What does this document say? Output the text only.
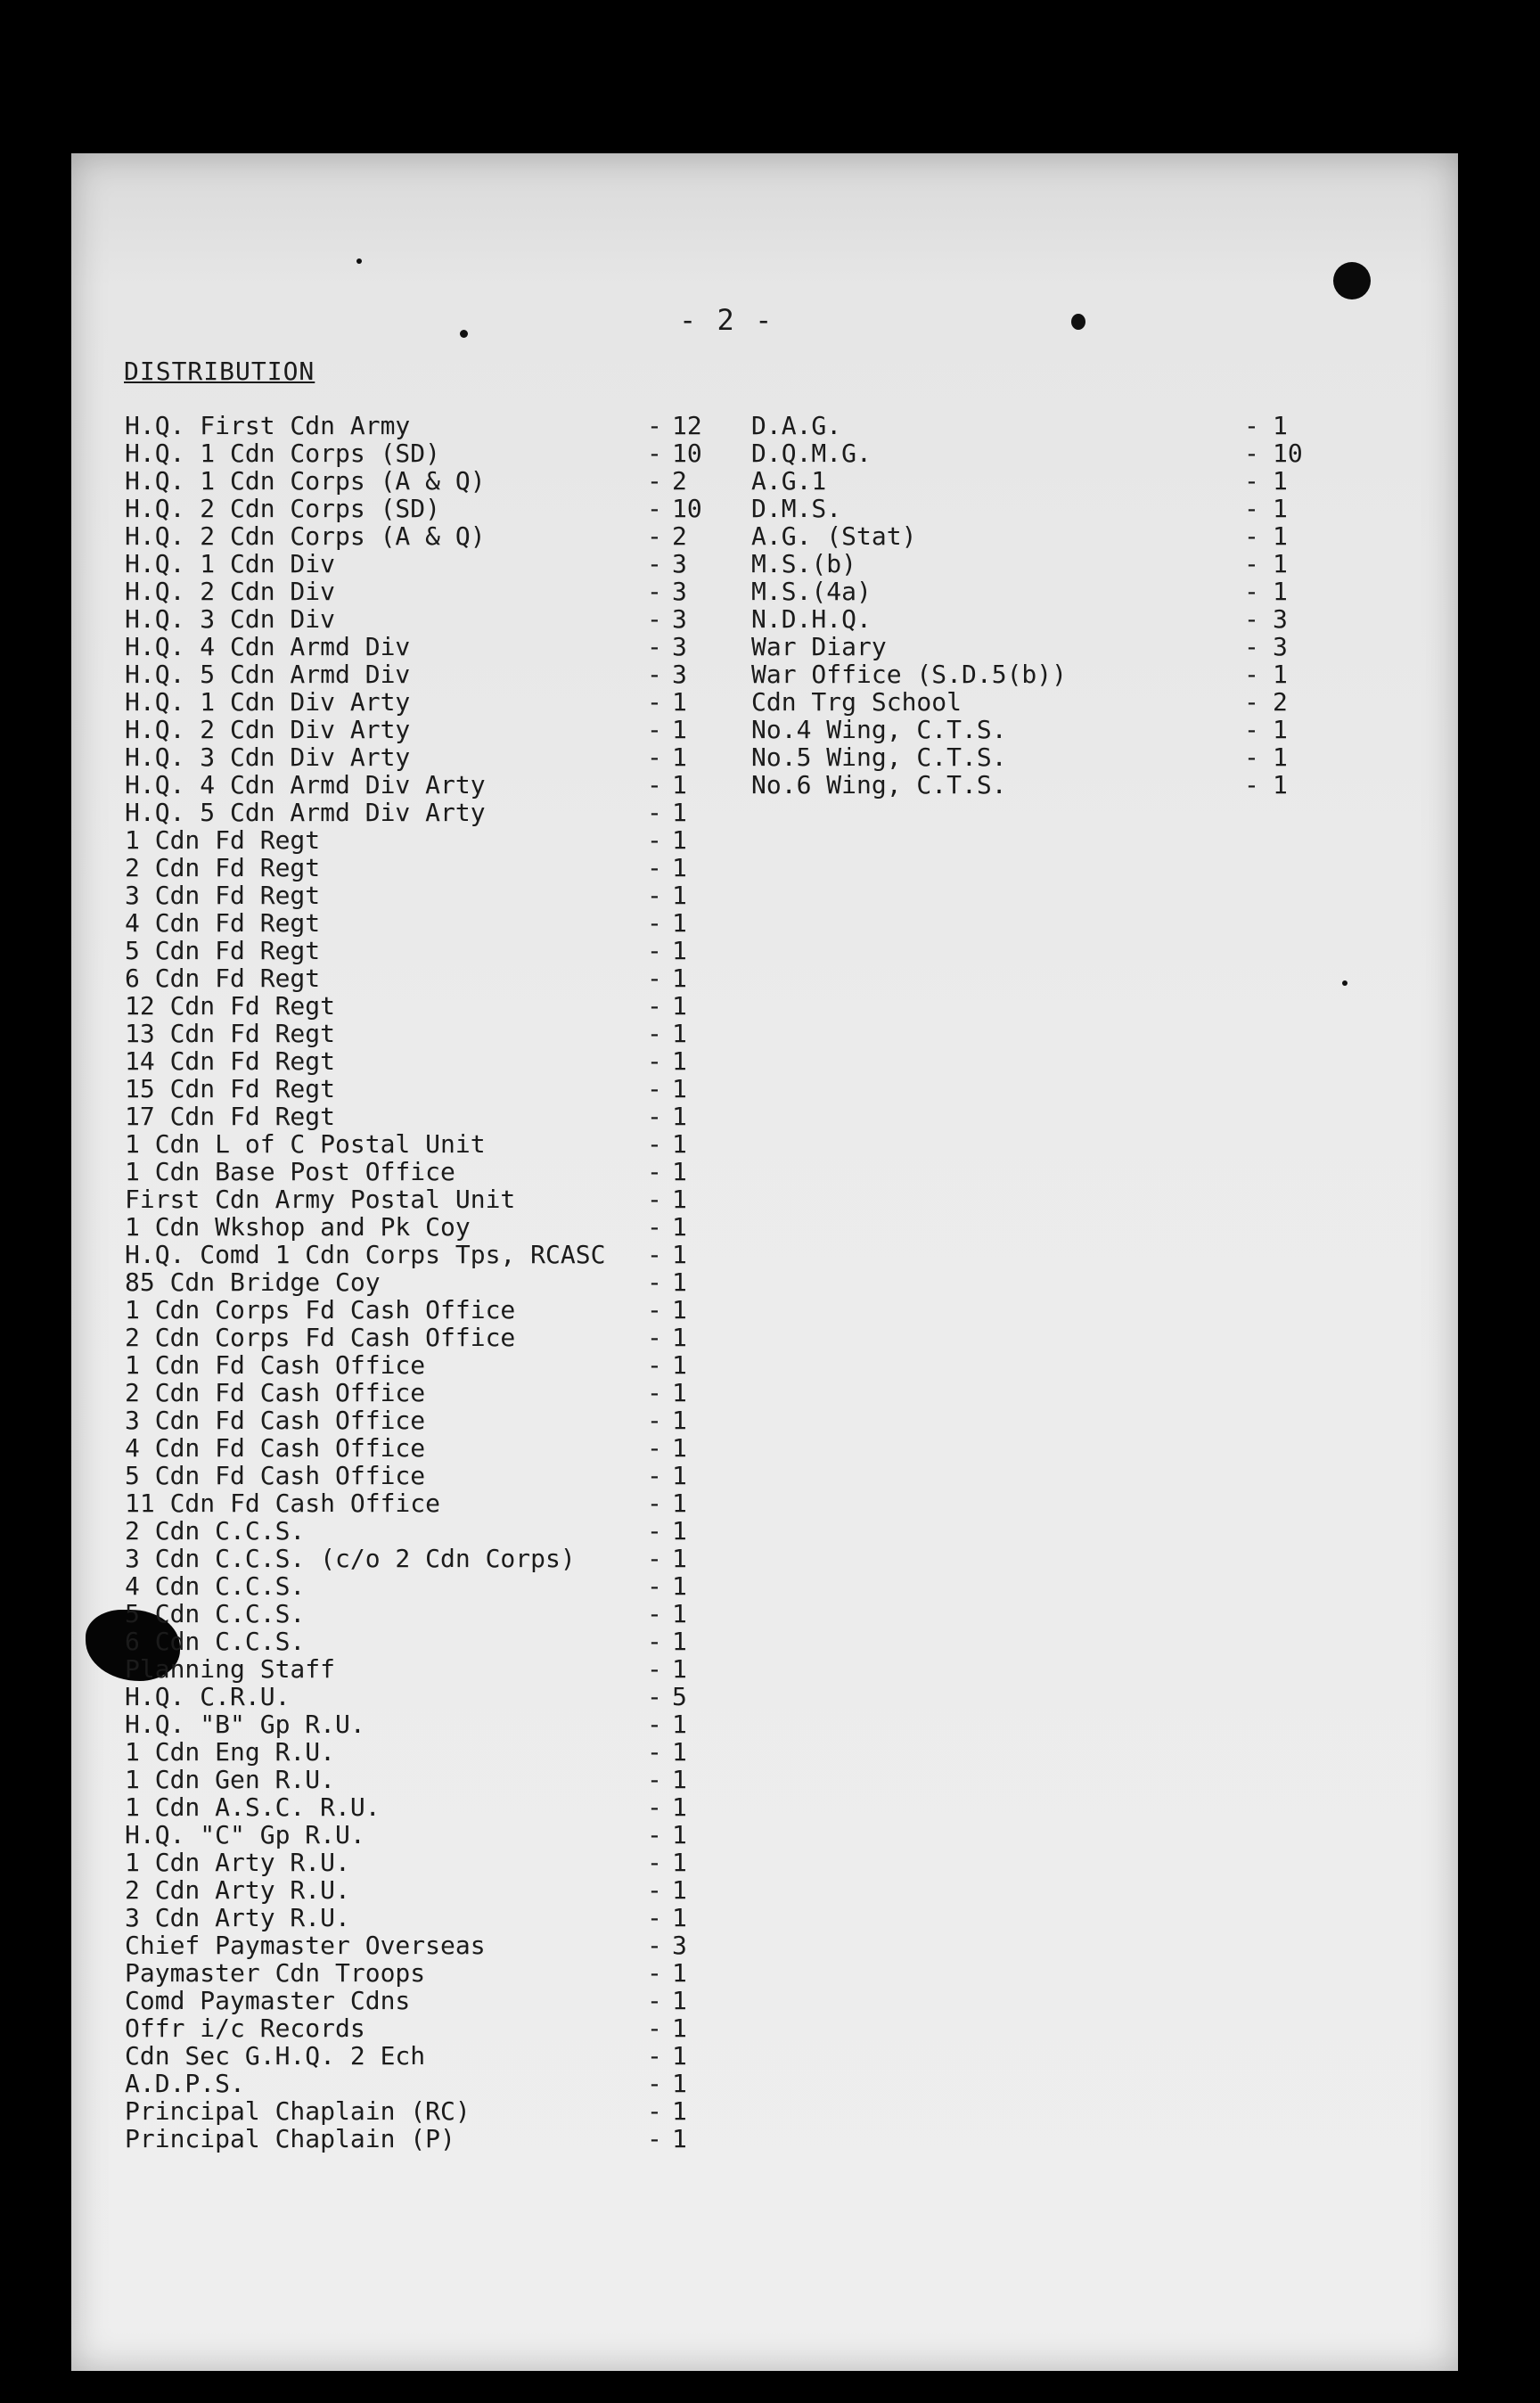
- 2 -
DISTRIBUTION
H.Q. First Cdn Army	- 12
H.Q. 1 Cdn Corps (SD)	- 10
H.Q. 1 Cdn Corps (A & Q)	- 2
H.Q. 2 Cdn Corps (SD)	- 10
H.Q. 2 Cdn Corps (A & Q)	- 2
H.Q. 1 Cdn Div	- 3
H.Q. 2 Cdn Div	- 3
H.Q. 3 Cdn Div	- 3
H.Q. 4 Cdn Armd Div	- 3
H.Q. 5 Cdn Armd Div	- 3
H.Q. 1 Cdn Div Arty	- 1
H.Q. 2 Cdn Div Arty	- 1
H.Q. 3 Cdn Div Arty	- 1
H.Q. 4 Cdn Armd Div Arty	- 1
H.Q. 5 Cdn Armd Div Arty	- 1
1 Cdn Fd Regt	- 1
2 Cdn Fd Regt	- 1
3 Cdn Fd Regt	- 1
4 Cdn Fd Regt	- 1
5 Cdn Fd Regt	- 1
6 Cdn Fd Regt	- 1
12 Cdn Fd Regt	- 1
13 Cdn Fd Regt	- 1
14 Cdn Fd Regt	- 1
15 Cdn Fd Regt	- 1
17 Cdn Fd Regt	- 1
1 Cdn L of C Postal Unit	- 1
1 Cdn Base Post Office	- 1
First Cdn Army Postal Unit	- 1
1 Cdn Wkshop and Pk Coy	- 1
H.Q. Comd 1 Cdn Corps Tps, RCASC - 1
85 Cdn Bridge Coy	- 1
1 Cdn Corps Fd Cash Office	- 1
2 Cdn Corps Fd Cash Office	- 1
1 Cdn Fd Cash Office	- 1
2 Cdn Fd Cash Office	- 1
3 Cdn Fd Cash Office	- 1
4 Cdn Fd Cash Office	- 1
5 Cdn Fd Cash Office	- 1
11 Cdn Fd Cash Office	- 1
2 Cdn C.C.S.	- 1
3 Cdn C.C.S. (c/o 2 Cdn Corps)	- 1
4 Cdn C.C.S.	- 1
5 Cdn C.C.S.	- 1
6 Cdn C.C.S.	- 1
Planning Staff	- 1
H.Q. C.R.U.	- 5
H.Q. "B" Gp R.U.	- 1
1 Cdn Eng R.U.	- 1
1 Cdn Gen R.U.	- 1
1 Cdn A.S.C. R.U.	- 1
H.Q. "C" Gp R.U.	- 1
1 Cdn Arty R.U.	- 1
2 Cdn Arty R.U.	- 1
3 Cdn Arty R.U.	- 1
Chief Paymaster Overseas	- 3
Paymaster Cdn Troops	- 1
Comd Paymaster Cdns	- 1
Offr i/c Records	- 1
Cdn Sec G.H.Q. 2 Ech	- 1
A.D.P.S.	- 1
Principal Chaplain (RC)	- 1
Principal Chaplain (P)	- 1
D.A.G.	- 1
D.Q.M.G.	- 10
A.G.1	- 1
D.M.S.	- 1
A.G. (Stat)	- 1
M.S.(b)	- 1
M.S.(4a)	- 1
N.D.H.Q.	- 3
War Diary	- 3
War Office (S.D.5(b))	- 1
Cdn Trg School	- 2
No.4 Wing, C.T.S.	- 1
No.5 Wing, C.T.S.	- 1
No.6 Wing, C.T.S.	- 1
